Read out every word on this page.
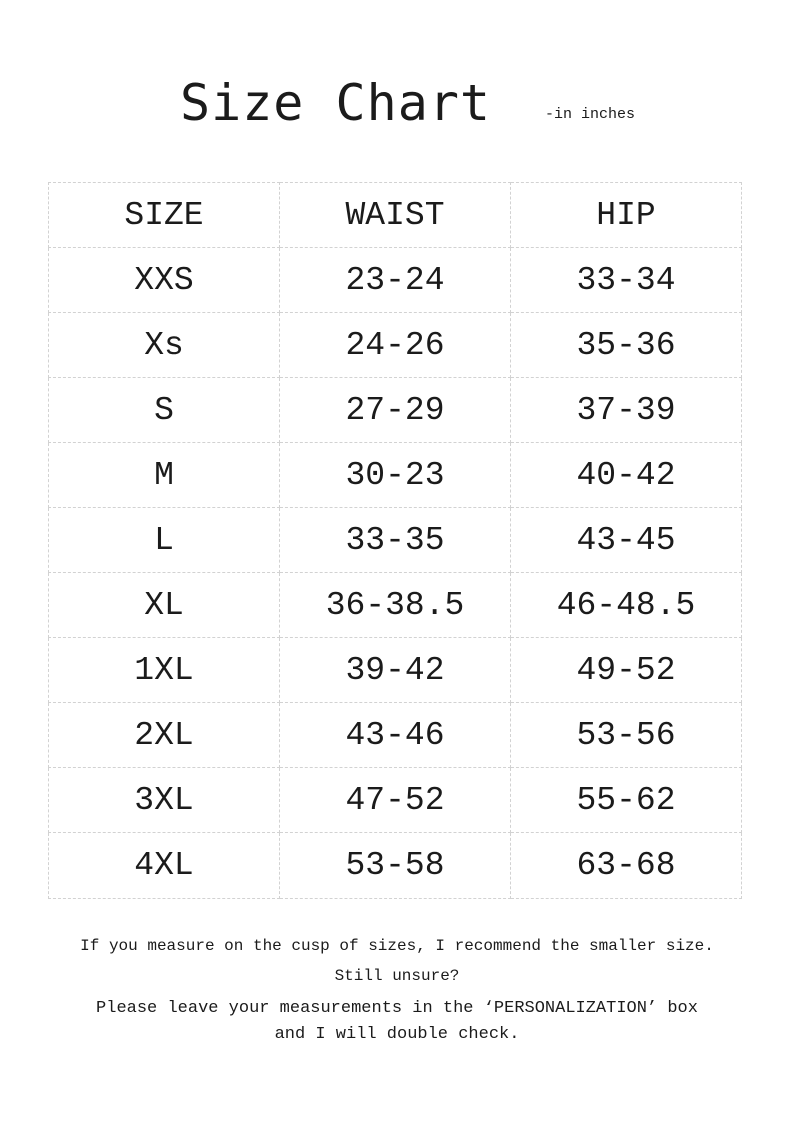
Size Chart	-in inches
SIZE	WAIST	HIP
XXS	23-24	33-34
Xs	24-26	35-36
S	27-29	37-39
M	30-23	40-42
L	33-35	43-45
XL	36-38.5	46-48.5
1XL	39-42	49-52
2XL	43-46	53-56
3XL	47-52	55-62
4XL	53-58	63-68
If you measure on the cusp of sizes, I recommend the smaller size.
Still unsure?
Please leave your measurements in the ‘PERSONALIZATION’ box
and I will double check.
